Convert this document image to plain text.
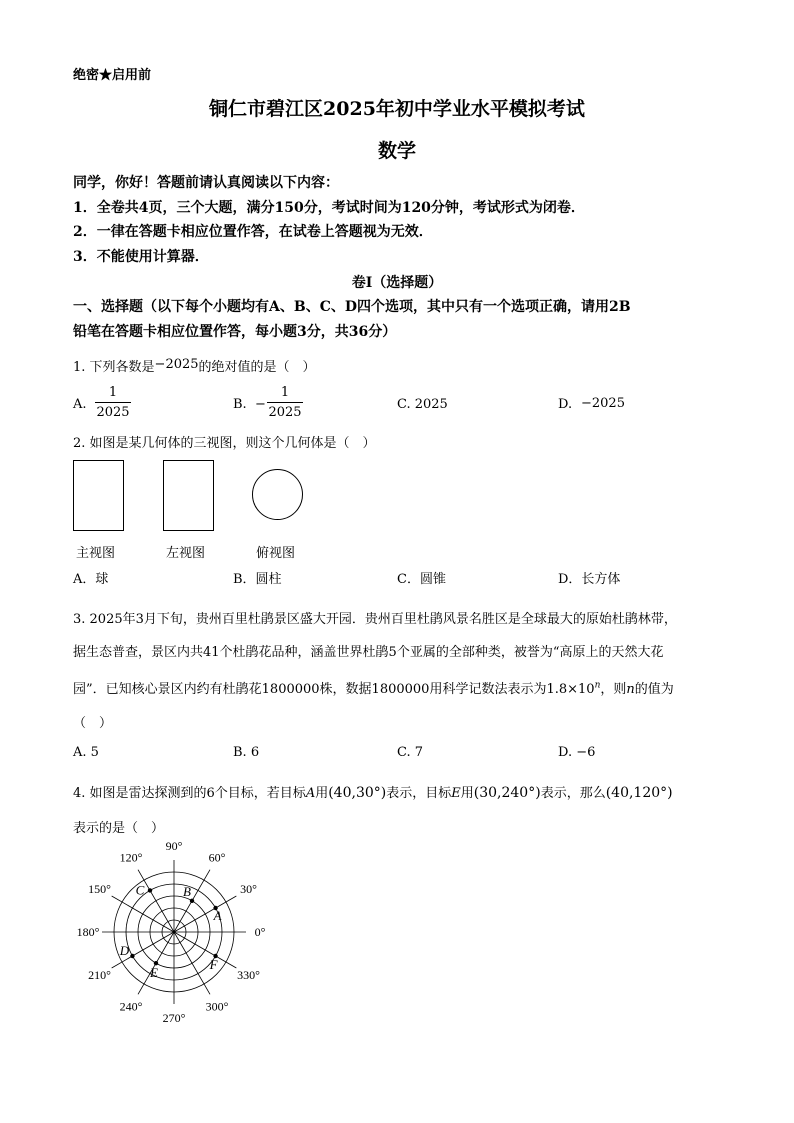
绝密★启用前
铜仁市碧江区2025年初中学业水平模拟考试
数学
同学，你好！答题前请认真阅读以下内容：
1．全卷共4页，三个大题，满分150分，考试时间为120分钟，考试形式为闭卷．
2．一律在答题卡相应位置作答，在试卷上答题视为无效．
3．不能使用计算器．
卷Ⅰ（选择题）
一、选择题（以下每个小题均有A、B、C、D四个选项，其中只有一个选项正确，请用2B
铅笔在答题卡相应位置作答，每小题3分，共36分）
1. 下列各数是−2025的绝对值的是（　）
A.
1
2025
B. −
1
2025
C. 2025	D. −2025
2. 如图是某几何体的三视图，则这个几何体是（　）
主视图	左视图	俯视图
A．球	B．圆柱	C．圆锥	D．长方体
3. 2025年3月下旬，贵州百里杜鹃景区盛大开园．贵州百里杜鹃风景名胜区是全球最大的原始杜鹃林带，
据生态普查，景区内共41个杜鹃花品种，涵盖世界杜鹃5个亚属的全部种类，被誉为“高原上的天然大花
园”．已知核心景区内约有杜鹃花1800000株，数据1800000用科学记数法表示为$1.8\times 10^n$，则n的值为
（　）
A. 5	B. 6	C. 7	D. −6
4. 如图是雷达探测到的6个目标，若目标A用(40,30°)表示，目标E用(30,240°)表示，那么(40,120°)
表示的是（　）
0°
30°
60°
90°
120°
150°
180°
210°
240°
270°
300°
330°
A
B
C
D
E
F
